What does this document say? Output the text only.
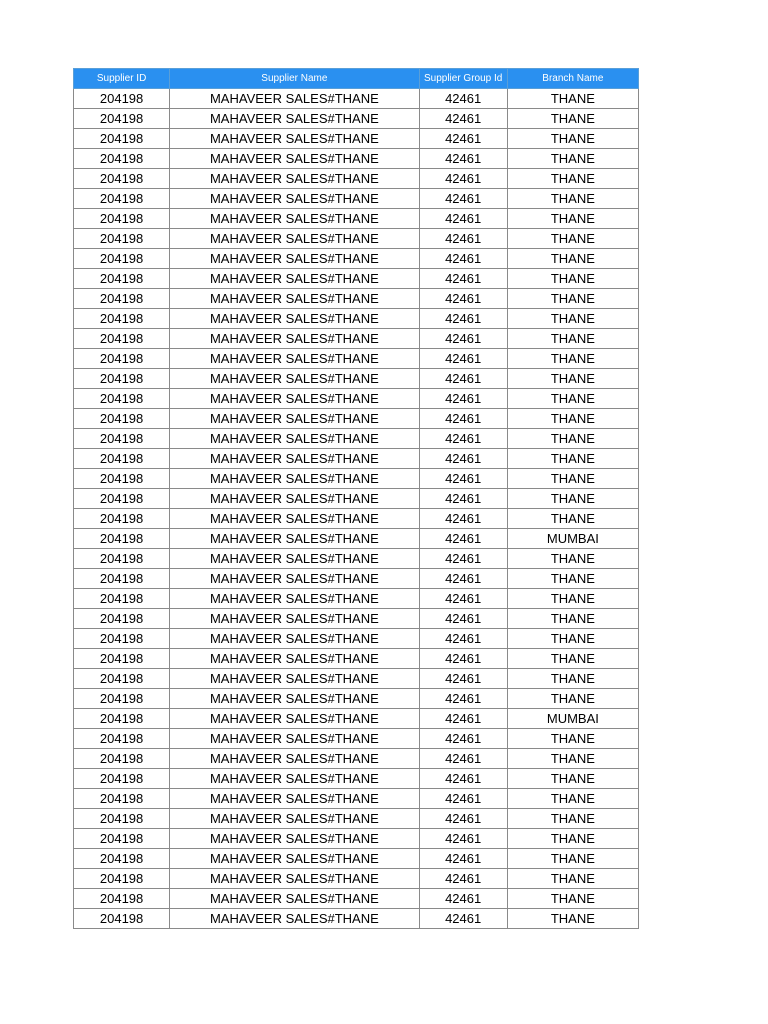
Supplier ID	Supplier Name	Supplier Group Id	Branch Name
204198	MAHAVEER SALES#THANE	42461	THANE
204198	MAHAVEER SALES#THANE	42461	THANE
204198	MAHAVEER SALES#THANE	42461	THANE
204198	MAHAVEER SALES#THANE	42461	THANE
204198	MAHAVEER SALES#THANE	42461	THANE
204198	MAHAVEER SALES#THANE	42461	THANE
204198	MAHAVEER SALES#THANE	42461	THANE
204198	MAHAVEER SALES#THANE	42461	THANE
204198	MAHAVEER SALES#THANE	42461	THANE
204198	MAHAVEER SALES#THANE	42461	THANE
204198	MAHAVEER SALES#THANE	42461	THANE
204198	MAHAVEER SALES#THANE	42461	THANE
204198	MAHAVEER SALES#THANE	42461	THANE
204198	MAHAVEER SALES#THANE	42461	THANE
204198	MAHAVEER SALES#THANE	42461	THANE
204198	MAHAVEER SALES#THANE	42461	THANE
204198	MAHAVEER SALES#THANE	42461	THANE
204198	MAHAVEER SALES#THANE	42461	THANE
204198	MAHAVEER SALES#THANE	42461	THANE
204198	MAHAVEER SALES#THANE	42461	THANE
204198	MAHAVEER SALES#THANE	42461	THANE
204198	MAHAVEER SALES#THANE	42461	THANE
204198	MAHAVEER SALES#THANE	42461	MUMBAI
204198	MAHAVEER SALES#THANE	42461	THANE
204198	MAHAVEER SALES#THANE	42461	THANE
204198	MAHAVEER SALES#THANE	42461	THANE
204198	MAHAVEER SALES#THANE	42461	THANE
204198	MAHAVEER SALES#THANE	42461	THANE
204198	MAHAVEER SALES#THANE	42461	THANE
204198	MAHAVEER SALES#THANE	42461	THANE
204198	MAHAVEER SALES#THANE	42461	THANE
204198	MAHAVEER SALES#THANE	42461	MUMBAI
204198	MAHAVEER SALES#THANE	42461	THANE
204198	MAHAVEER SALES#THANE	42461	THANE
204198	MAHAVEER SALES#THANE	42461	THANE
204198	MAHAVEER SALES#THANE	42461	THANE
204198	MAHAVEER SALES#THANE	42461	THANE
204198	MAHAVEER SALES#THANE	42461	THANE
204198	MAHAVEER SALES#THANE	42461	THANE
204198	MAHAVEER SALES#THANE	42461	THANE
204198	MAHAVEER SALES#THANE	42461	THANE
204198	MAHAVEER SALES#THANE	42461	THANE
